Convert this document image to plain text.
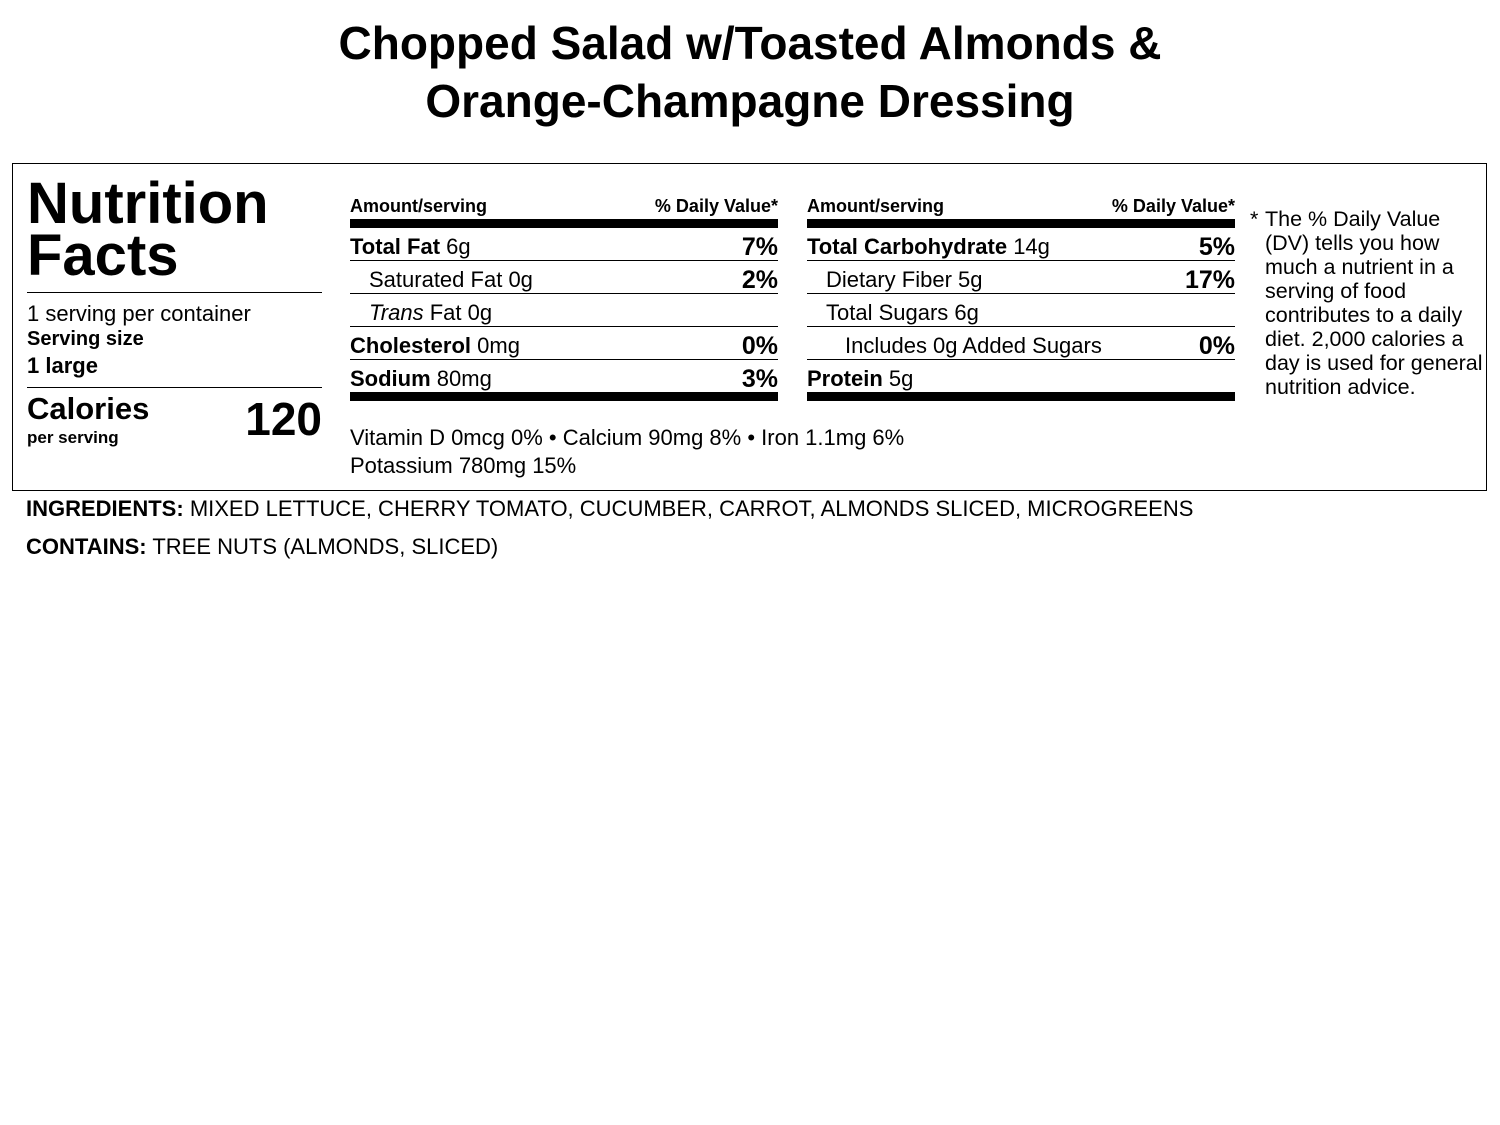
Chopped Salad w/Toasted Almonds &
Orange-Champagne Dressing
Nutrition
Facts
1 serving per container
Serving size
1 large
Calories
per serving	120
Amount/serving	% Daily Value*
Total Fat 6g	7%
Saturated Fat 0g	2%
Trans Fat 0g
Cholesterol 0mg	0%
Sodium 80mg	3%
Amount/serving	% Daily Value*
Total Carbohydrate 14g	5%
Dietary Fiber 5g	17%
Total Sugars 6g
Includes 0g Added Sugars	0%
Protein 5g
Vitamin D 0mcg 0% • Calcium 90mg 8% • Iron 1.1mg 6%
Potassium 780mg 15%
* The % Daily Value (DV) tells you how much a nutrient in a serving of food contributes to a daily diet. 2,000 calories a day is used for general nutrition advice.
INGREDIENTS: MIXED LETTUCE, CHERRY TOMATO, CUCUMBER, CARROT, ALMONDS SLICED, MICROGREENS
CONTAINS: TREE NUTS (ALMONDS, SLICED)
